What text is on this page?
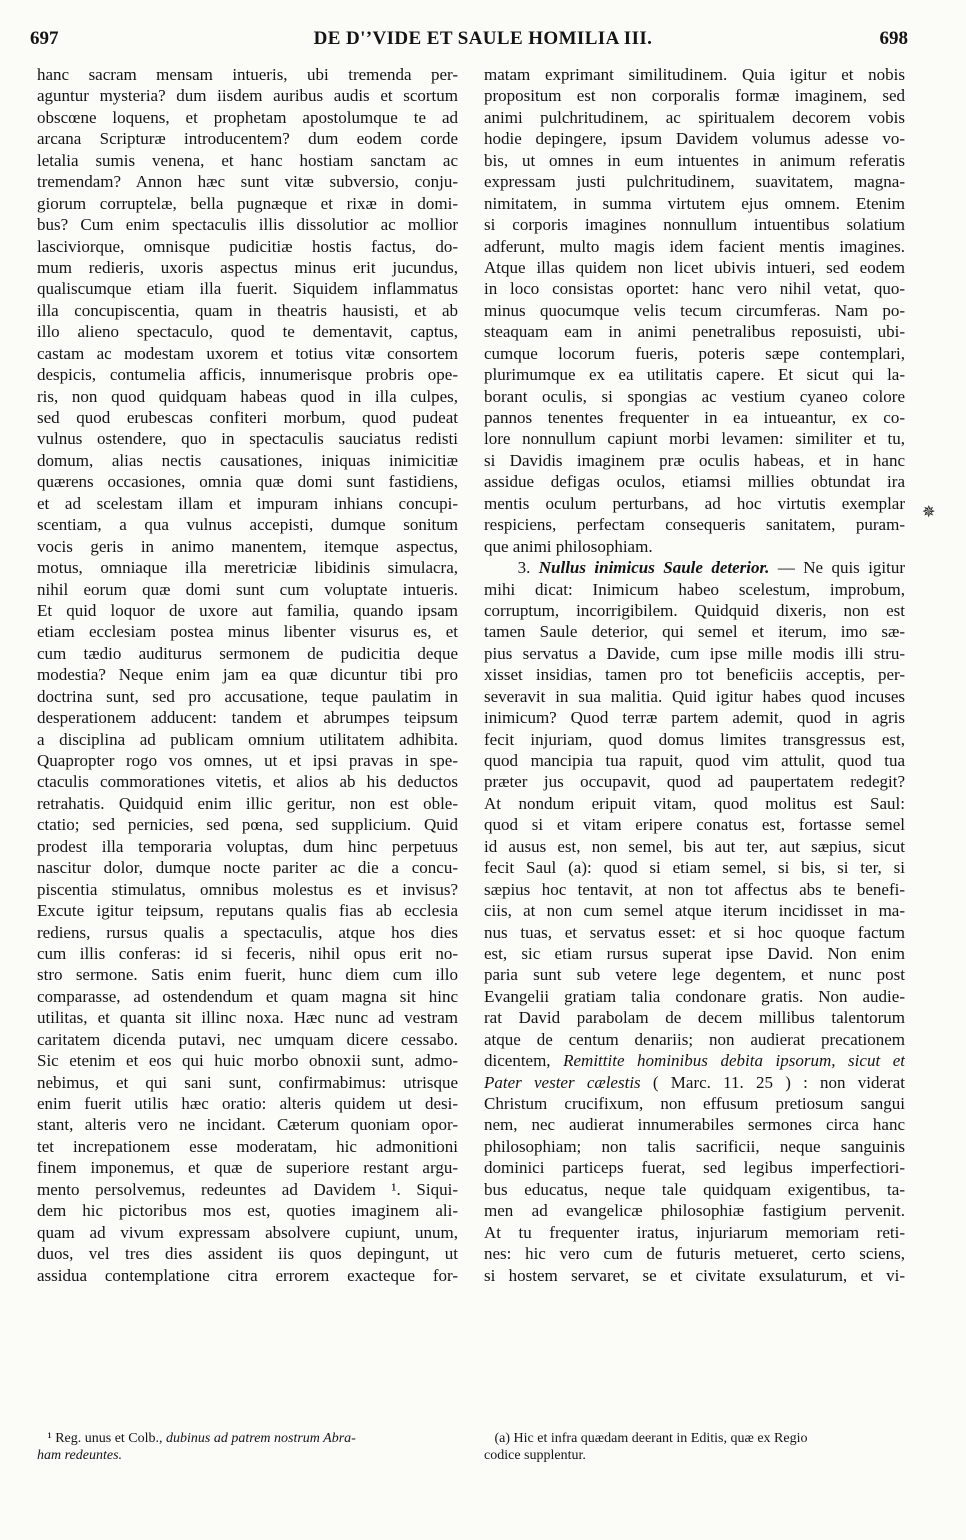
697	DE D'’VIDE ET SAULE HOMILIA III.	698
hanc sacram mensam intueris, ubi tremenda per-
aguntur mysteria? dum iisdem auribus audis et scortum
obscœne loquens, et prophetam apostolumque te ad
arcana Scripturæ introducentem? dum eodem corde
letalia sumis venena, et hanc hostiam sanctam ac
tremendam? Annon hæc sunt vitæ subversio, conju-
giorum corruptelæ, bella pugnæque et rixæ in domi-
bus? Cum enim spectaculis illis dissolutior ac mollior
lasciviorque, omnisque pudicitiæ hostis factus, do-
mum redieris, uxoris aspectus minus erit jucundus,
qualiscumque etiam illa fuerit. Siquidem inflammatus
illa concupiscentia, quam in theatris hausisti, et ab
illo alieno spectaculo, quod te dementavit, captus,
castam ac modestam uxorem et totius vitæ consortem
despicis, contumelia afficis, innumerisque probris ope-
ris, non quod quidquam habeas quod in illa culpes,
sed quod erubescas confiteri morbum, quod pudeat
vulnus ostendere, quo in spectaculis sauciatus redisti
domum, alias nectis causationes, iniquas inimicitiæ
quærens occasiones, omnia quæ domi sunt fastidiens,
et ad scelestam illam et impuram inhians concupi-
scentiam, a qua vulnus accepisti, dumque sonitum
vocis geris in animo manentem, itemque aspectus,
motus, omniaque illa meretriciæ libidinis simulacra,
nihil eorum quæ domi sunt cum voluptate intueris.
Et quid loquor de uxore aut familia, quando ipsam
etiam ecclesiam postea minus libenter visurus es, et
cum tædio auditurus sermonem de pudicitia deque
modestia? Neque enim jam ea quæ dicuntur tibi pro
doctrina sunt, sed pro accusatione, teque paulatim in
desperationem adducent: tandem et abrumpes teipsum
a disciplina ad publicam omnium utilitatem adhibita.
Quapropter rogo vos omnes, ut et ipsi pravas in spe-
ctaculis commorationes vitetis, et alios ab his deductos
retrahatis. Quidquid enim illic geritur, non est oble-
ctatio; sed pernicies, sed pœna, sed supplicium. Quid
prodest illa temporaria voluptas, dum hinc perpetuus
nascitur dolor, dumque nocte pariter ac die a concu-
piscentia stimulatus, omnibus molestus es et invisus?
Excute igitur teipsum, reputans qualis fias ab ecclesia
rediens, rursus qualis a spectaculis, atque hos dies
cum illis conferas: id si feceris, nihil opus erit no-
stro sermone. Satis enim fuerit, hunc diem cum illo
comparasse, ad ostendendum et quam magna sit hinc
utilitas, et quanta sit illinc noxa. Hæc nunc ad vestram
caritatem dicenda putavi, nec umquam dicere cessabo.
Sic etenim et eos qui huic morbo obnoxii sunt, admo-
nebimus, et qui sani sunt, confirmabimus: utrisque
enim fuerit utilis hæc oratio: alteris quidem ut desi-
stant, alteris vero ne incidant. Cæterum quoniam opor-
tet increpationem esse moderatam, hic admonitioni
finem imponemus, et quæ de superiore restant argu-
mento persolvemus, redeuntes ad Davidem ¹. Siqui-
dem hic pictoribus mos est, quoties imaginem ali-
quam ad vivum expressam absolvere cupiunt, unum,
duos, vel tres dies assident iis quos depingunt, ut
assidua contemplatione citra errorem exacteque for-
matam exprimant similitudinem. Quia igitur et nobis
propositum est non corporalis formæ imaginem, sed
animi pulchritudinem, ac spiritualem decorem vobis
hodie depingere, ipsum Davidem volumus adesse vo-
bis, ut omnes in eum intuentes in animum referatis
expressam justi pulchritudinem, suavitatem, magna-
nimitatem, in summa virtutem ejus omnem. Etenim
si corporis imagines nonnullum intuentibus solatium
adferunt, multo magis idem facient mentis imagines.
Atque illas quidem non licet ubivis intueri, sed eodem
in loco consistas oportet: hanc vero nihil vetat, quo-
minus quocumque velis tecum circumferas. Nam po-
steaquam eam in animi penetralibus reposuisti, ubi-
cumque locorum fueris, poteris sæpe contemplari,
plurimumque ex ea utilitatis capere. Et sicut qui la-
borant oculis, si spongias ac vestium cyaneo colore
pannos tenentes frequenter in ea intueantur, ex co-
lore nonnullum capiunt morbi levamen: similiter et tu,
si Davidis imaginem præ oculis habeas, et in hanc
assidue defigas oculos, etiamsi millies obtundat ira
mentis oculum perturbans, ad hoc virtutis exemplar
respiciens, perfectam consequeris sanitatem, puram-
que animi philosophiam.
3. Nullus inimicus Saule deterior. — Ne quis igitur
mihi dicat: Inimicum habeo scelestum, improbum,
corruptum, incorrigibilem. Quidquid dixeris, non est
tamen Saule deterior, qui semel et iterum, imo sæ-
pius servatus a Davide, cum ipse mille modis illi stru-
xisset insidias, tamen pro tot beneficiis acceptis, per-
severavit in sua malitia. Quid igitur habes quod incuses
inimicum? Quod terræ partem ademit, quod in agris
fecit injuriam, quod domus limites transgressus est,
quod mancipia tua rapuit, quod vim attulit, quod tua
præter jus occupavit, quod ad paupertatem redegit?
At nondum eripuit vitam, quod molitus est Saul:
quod si et vitam eripere conatus est, fortasse semel
id ausus est, non semel, bis aut ter, aut sæpius, sicut
fecit Saul (a): quod si etiam semel, si bis, si ter, si
sæpius hoc tentavit, at non tot affectus abs te benefi-
ciis, at non cum semel atque iterum incidisset in ma-
nus tuas, et servatus esset: et si hoc quoque factum
est, sic etiam rursus superat ipse David. Non enim
paria sunt sub vetere lege degentem, et nunc post
Evangelii gratiam talia condonare gratis. Non audie-
rat David parabolam de decem millibus talentorum
atque de centum denariis; non audierat precationem
dicentem, Remittite hominibus debita ipsorum, sicut et
Pater vester cælestis ( Marc. 11. 25 ) : non viderat
Christum crucifixum, non effusum pretiosum sangui
nem, nec audierat innumerabiles sermones circa hanc
philosophiam; non talis sacrificii, neque sanguinis
dominici particeps fuerat, sed legibus imperfectiori-
bus educatus, neque tale quidquam exigentibus, ta-
men ad evangelicæ philosophiæ fastigium pervenit.
At tu frequenter iratus, injuriarum memoriam reti-
nes: hic vero cum de futuris metueret, certo sciens,
si hostem servaret, se et civitate exsulaturum, et vi-
✵
¹ Reg. unus et Colb., dubinus ad patrem nostrum Abra-
ham redeuntes.
(a) Hic et infra quædam deerant in Editis, quæ ex Regio
codice supplentur.
